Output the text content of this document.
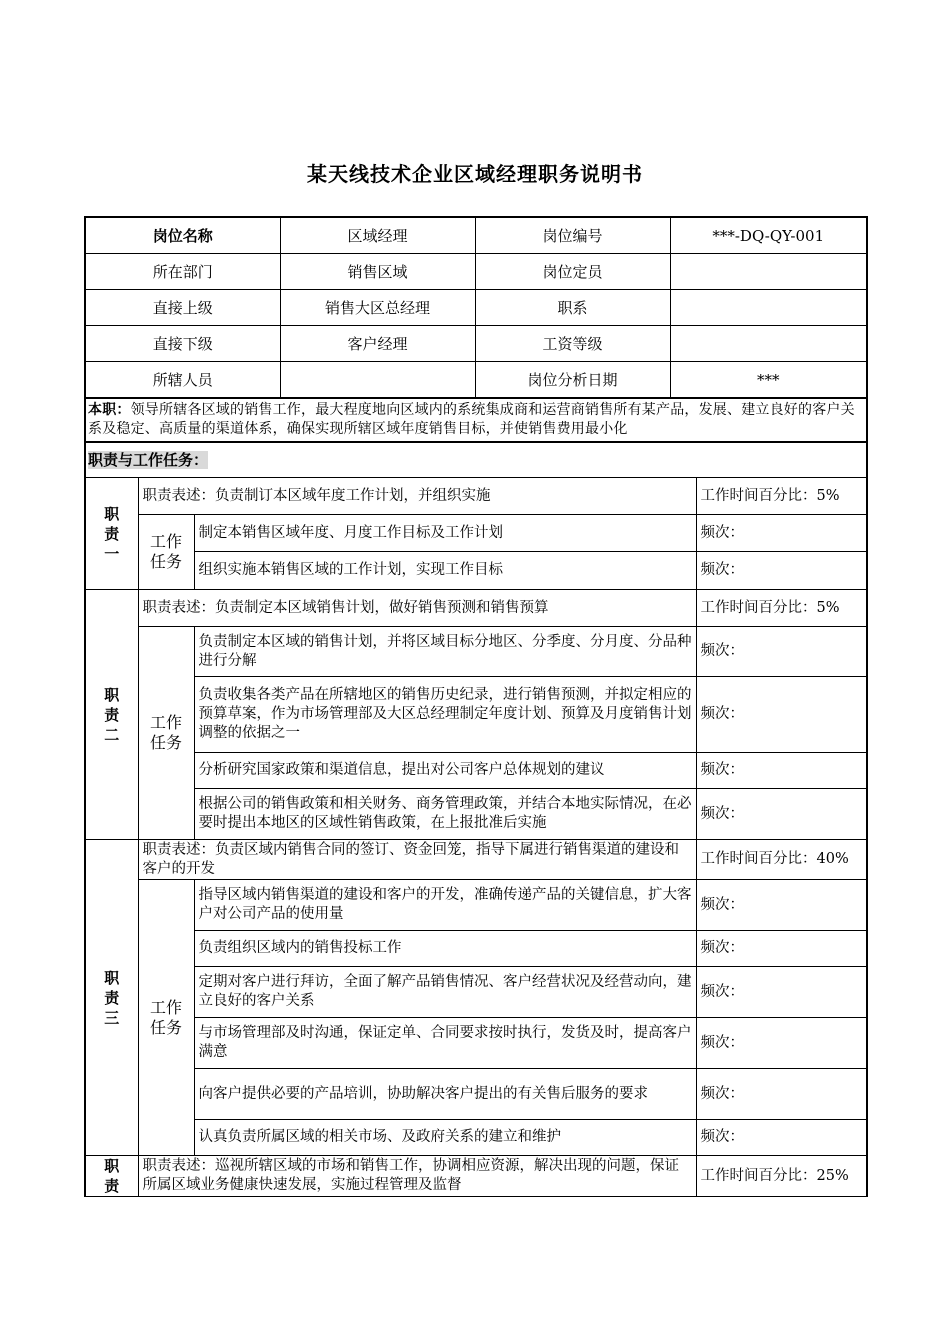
某天线技术企业区域经理职务说明书
岗位名称	区域经理	岗位编号	***-DQ-QY-001
所在部门	销售区域	岗位定员	
直接上级	销售大区总经理	职系	
直接下级	客户经理	工资等级	
所辖人员		岗位分析日期	***
本职：领导所辖各区域的销售工作，最大程度地向区域内的系统集成商和运营商销售所有某产品，发展、建立良好的客户关系及稳定、高质量的渠道体系，确保实现所辖区域年度销售目标，并使销售费用最小化			
职责与工作任务：			

职责一	职责表述：负责制订本区域年度工作计划，并组织实施		工作时间百分比：5%

	工作任务	制定本销售区域年度、月度工作目标及工作计划	频次：
		组织实施本销售区域的工作计划，实现工作目标	频次：

职责二	职责表述：负责制定本区域销售计划，做好销售预测和销售预算		工作时间百分比：5%

	工作任务	负责制定本区域的销售计划，并将区域目标分地区、分季度、分月度、分品种进行分解	频次：
		负责收集各类产品在所辖地区的销售历史纪录，进行销售预测，并拟定相应的预算草案，作为市场管理部及大区总经理制定年度计划、预算及月度销售计划调整的依据之一	频次：
		分析研究国家政策和渠道信息，提出对公司客户总体规划的建议	频次：
		根据公司的销售政策和相关财务、商务管理政策，并结合本地实际情况，在必要时提出本地区的区域性销售政策，在上报批准后实施	频次：

职责三	职责表述：负责区域内销售合同的签订、资金回笼，指导下属进行销售渠道的建设和客户的开发		工作时间百分比：40%

	工作任务	指导区域内销售渠道的建设和客户的开发，准确传递产品的关键信息，扩大客户对公司产品的使用量	频次：
		负责组织区域内的销售投标工作	频次：
		定期对客户进行拜访，全面了解产品销售情况、客户经营状况及经营动向，建立良好的客户关系	频次：
		与市场管理部及时沟通，保证定单、合同要求按时执行，发货及时，提高客户满意	频次：
		向客户提供必要的产品培训，协助解决客户提出的有关售后服务的要求	频次：
		认真负责所属区域的相关市场、及政府关系的建立和维护	频次：

职责	职责表述：巡视所辖区域的市场和销售工作，协调相应资源，解决出现的问题，保证所属区域业务健康快速发展，实施过程管理及监督		工作时间百分比：25%
